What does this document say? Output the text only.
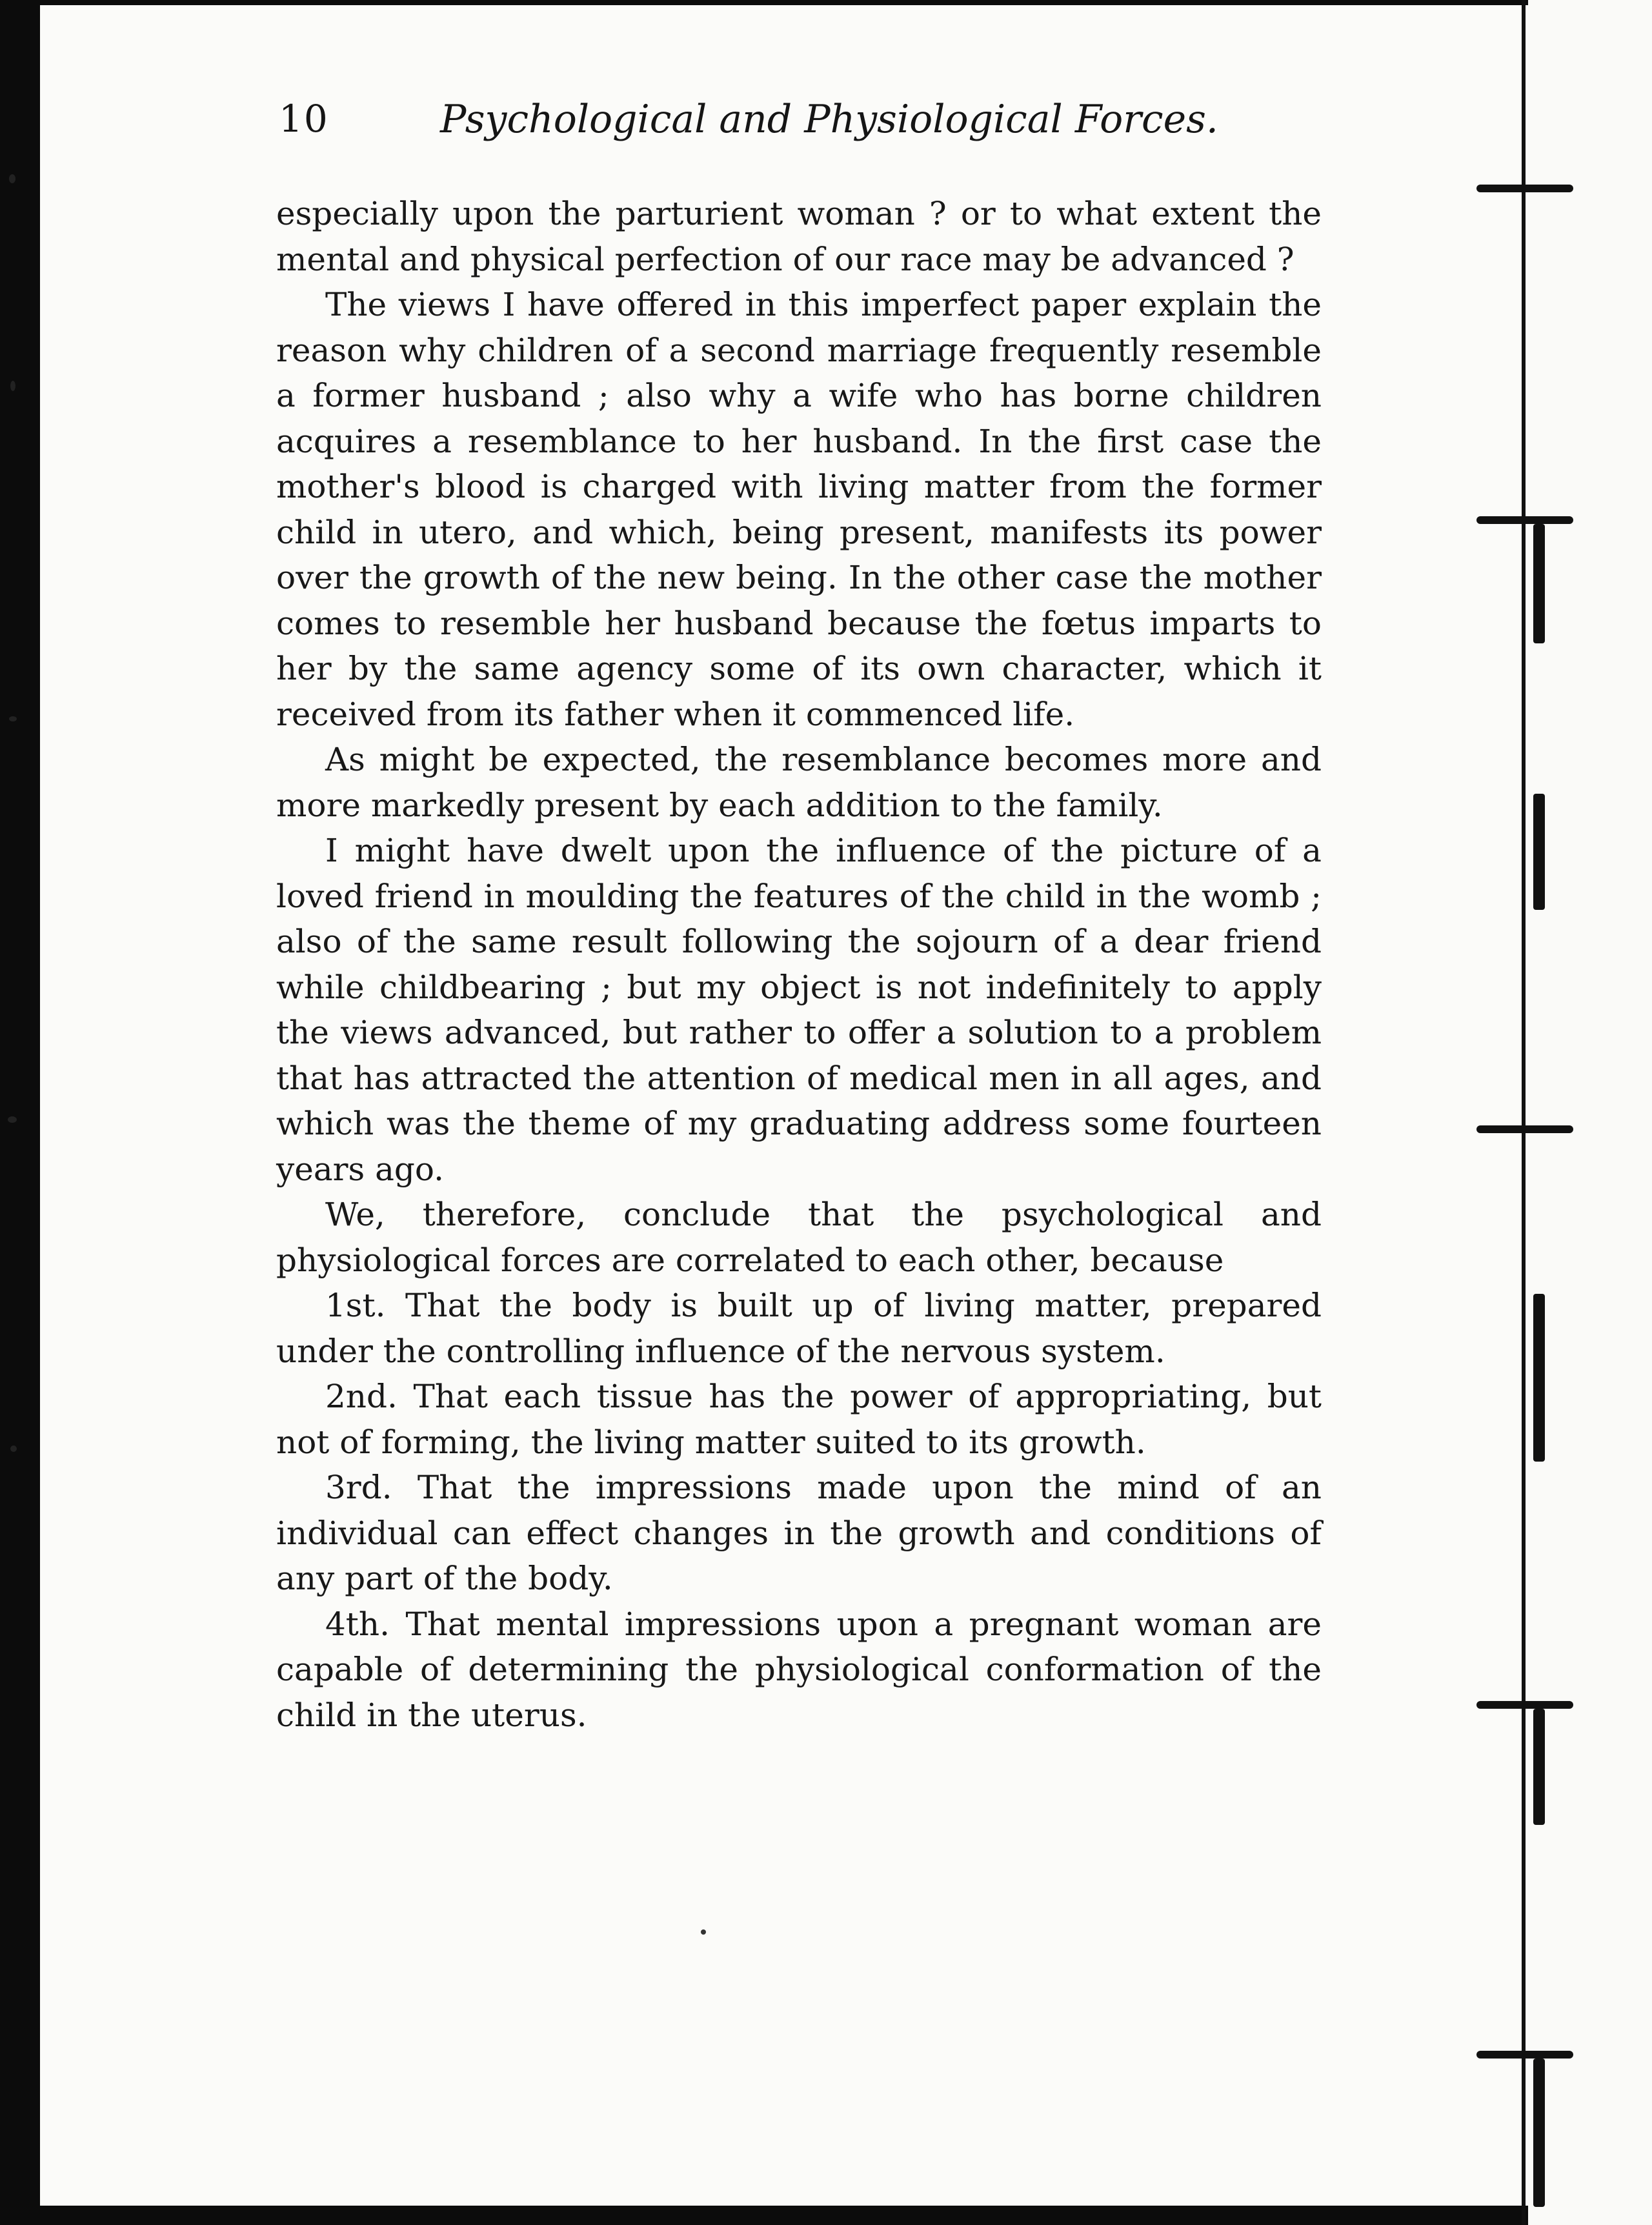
10	Psychological and Physiological Forces.

especially upon the parturient woman ? or to what extent the mental and physical perfection of our race may be advanced ?

The views I have offered in this imperfect paper explain the reason why children of a second marriage frequently resemble a former husband ; also why a wife who has borne children acquires a resemblance to her husband. In the first case the mother's blood is charged with living matter from the former child in utero, and which, being present, manifests its power over the growth of the new being. In the other case the mother comes to resemble her husband because the fœtus imparts to her by the same agency some of its own character, which it received from its father when it commenced life.

As might be expected, the resemblance becomes more and more markedly present by each addition to the family.

I might have dwelt upon the influence of the picture of a loved friend in moulding the features of the child in the womb ; also of the same result following the sojourn of a dear friend while childbearing ; but my object is not indefinitely to apply the views advanced, but rather to offer a solution to a problem that has attracted the attention of medical men in all ages, and which was the theme of my graduating address some fourteen years ago.

We, therefore, conclude that the psychological and physiological forces are correlated to each other, because

1st. That the body is built up of living matter, prepared under the controlling influence of the nervous system.

2nd. That each tissue has the power of appropriating, but not of forming, the living matter suited to its growth.

3rd. That the impressions made upon the mind of an individual can effect changes in the growth and conditions of any part of the body.

4th. That mental impressions upon a pregnant woman are capable of determining the physiological conformation of the child in the uterus.
